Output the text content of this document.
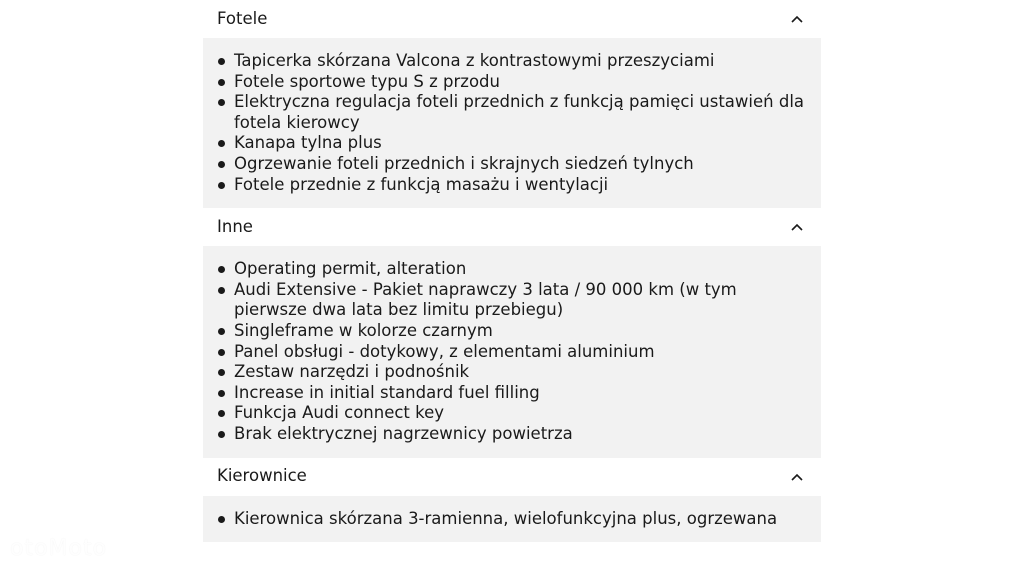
Fotele
Tapicerka skórzana Valcona z kontrastowymi przeszyciami
Fotele sportowe typu S z przodu
Elektryczna regulacja foteli przednich z funkcją pamięci ustawień dla fotela kierowcy
Kanapa tylna plus
Ogrzewanie foteli przednich i skrajnych siedzeń tylnych
Fotele przednie z funkcją masażu i wentylacji
Inne
Operating permit, alteration
Audi Extensive - Pakiet naprawczy 3 lata / 90 000 km (w tym pierwsze dwa lata bez limitu przebiegu)
Singleframe w kolorze czarnym
Panel obsługi - dotykowy, z elementami aluminium
Zestaw narzędzi i podnośnik
Increase in initial standard fuel filling
Funkcja Audi connect key
Brak elektrycznej nagrzewnicy powietrza
Kierownice
Kierownica skórzana 3-ramienna, wielofunkcyjna plus, ogrzewana
otoMoto
